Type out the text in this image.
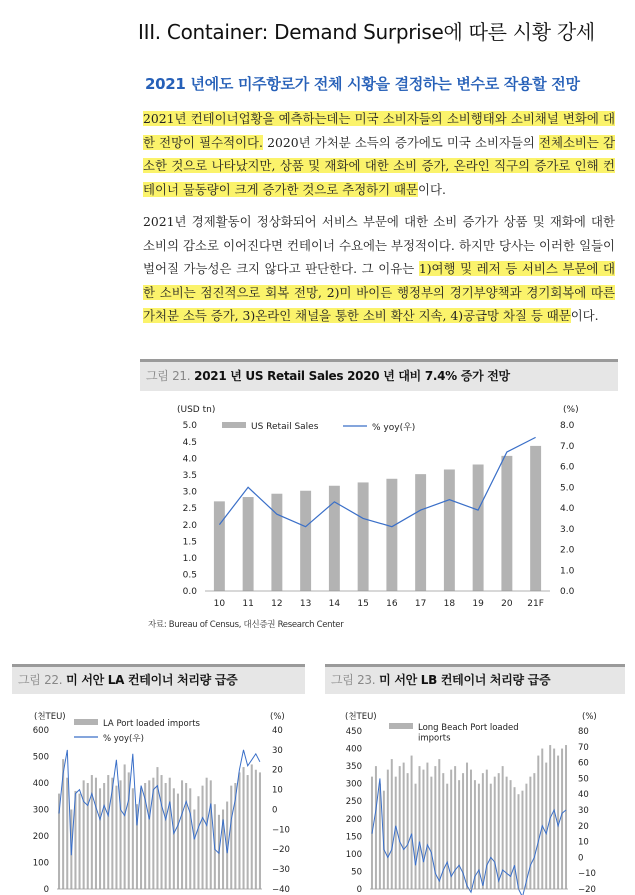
III. Container: Demand Surprise에 따른 시황 강세
2021 년에도 미주항로가 전체 시황을 결정하는 변수로 작용할 전망
2021년 컨테이너업황을 예측하는데는 미국 소비자들의 소비행태와 소비채널 변화에 대한 전망이 필수적이다. 2020년 가처분 소득의 증가에도 미국 소비자들의 전체소비는 감소한 것으로 나타났지만, 상품 및 재화에 대한 소비 증가, 온라인 직구의 증가로 인해 컨테이너 물동량이 크게 증가한 것으로 추정하기 때문이다.
2021년 경제활동이 정상화되어 서비스 부문에 대한 소비 증가가 상품 및 재화에 대한 소비의 감소로 이어진다면 컨테이너 수요에는 부정적이다. 하지만 당사는 이러한 일들이 벌어질 가능성은 크지 않다고 판단한다. 그 이유는 1)여행 및 레저 등 서비스 부문에 대한 소비는 점진적으로 회복 전망, 2)미 바이든 행정부의 경기부양책과 경기회복에 따른 가처분 소득 증가, 3)온라인 채널을 통한 소비 확산 지속, 4)공급망 차질 등 때문이다.
그림 21. 2021 년 US Retail Sales 2020 년 대비 7.4% 증가 전망
0.0
0.5
1.0
1.5
2.0
2.5
3.0
3.5
4.0
4.5
5.0
0.0
1.0
2.0
3.0
4.0
5.0
6.0
7.0
8.0
(USD tn)	(%)
10 11 12 13 14 15 16 17 18 19 20 21F
US Retail Sales	% yoy(우)
자료: Bureau of Census, 대신증권 Research Center
그림 22. 미 서안 LA 컨테이너 처리량 급증
0
100
200
300
400
500
600
−40
−30
−20
−10
0
10
20
30
40
(천TEU)	(%)
LA Port loaded imports
% yoy(우)
그림 23. 미 서안 LB 컨테이너 처리량 급증
0
50
100
150
200
250
300
350
400
450
−20
−10
0
10
20
30
40
50
60
70
80
(천TEU)	(%)
Long Beach Port loaded imports
